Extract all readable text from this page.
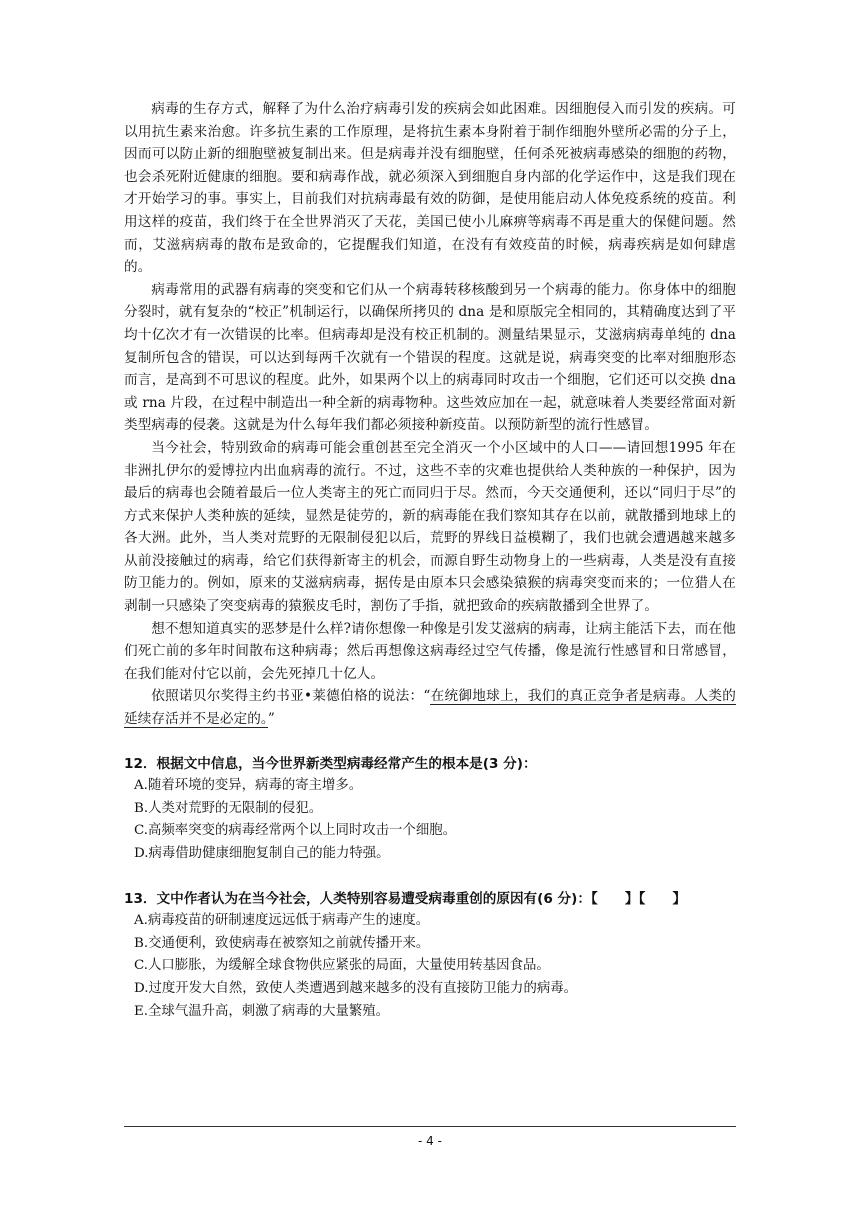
病毒的生存方式，解释了为什么治疗病毒引发的疾病会如此困难。因细胞侵入而引发的疾病。可以用抗生素来治愈。许多抗生素的工作原理，是将抗生素本身附着于制作细胞外壁所必需的分子上，因而可以防止新的细胞壁被复制出来。但是病毒并没有细胞壁，任何杀死被病毒感染的细胞的药物，也会杀死附近健康的细胞。要和病毒作战，就必须深入到细胞自身内部的化学运作中，这是我们现在才开始学习的事。事实上，目前我们对抗病毒最有效的防御，是使用能启动人体免疫系统的疫苗。利用这样的疫苗，我们终于在全世界消灭了天花，美国已使小儿麻痹等病毒不再是重大的保健问题。然而，艾滋病病毒的散布是致命的，它提醒我们知道，在没有有效疫苗的时候，病毒疾病是如何肆虐的。

病毒常用的武器有病毒的突变和它们从一个病毒转移核酸到另一个病毒的能力。你身体中的细胞分裂时，就有复杂的“校正”机制运行，以确保所拷贝的 dna 是和原版完全相同的，其精确度达到了平均十亿次才有一次错误的比率。但病毒却是没有校正机制的。测量结果显示，艾滋病病毒单纯的 dna 复制所包含的错误，可以达到每两千次就有一个错误的程度。这就是说，病毒突变的比率对细胞形态而言，是高到不可思议的程度。此外，如果两个以上的病毒同时攻击一个细胞，它们还可以交换 dna 或 rna 片段，在过程中制造出一种全新的病毒物种。这些效应加在一起，就意味着人类要经常面对新类型病毒的侵袭。这就是为什么每年我们都必须接种新疫苗。以预防新型的流行性感冒。

当今社会，特别致命的病毒可能会重创甚至完全消灭一个小区域中的人口——请回想1995 年在非洲扎伊尔的爱博拉内出血病毒的流行。不过，这些不幸的灾难也提供给人类种族的一种保护，因为最后的病毒也会随着最后一位人类寄主的死亡而同归于尽。然而，今天交通便利，还以“同归于尽”的方式来保护人类种族的延续，显然是徒劳的，新的病毒能在我们察知其存在以前，就散播到地球上的各大洲。此外，当人类对荒野的无限制侵犯以后，荒野的界线日益模糊了，我们也就会遭遇越来越多从前没接触过的病毒，给它们获得新寄主的机会，而源自野生动物身上的一些病毒，人类是没有直接防卫能力的。例如，原来的艾滋病病毒，据传是由原本只会感染猿猴的病毒突变而来的；一位猎人在剥制一只感染了突变病毒的猿猴皮毛时，割伤了手指，就把致命的疾病散播到全世界了。

想不想知道真实的恶梦是什么样?请你想像一种像是引发艾滋病的病毒，让病主能活下去，而在他们死亡前的多年时间散布这种病毒；然后再想像这病毒经过空气传播，像是流行性感冒和日常感冒，在我们能对付它以前，会先死掉几十亿人。

依照诺贝尔奖得主约书亚•莱德伯格的说法：“在统御地球上，我们的真正竞争者是病毒。人类的延续存活并不是必定的。”

12．根据文中信息，当今世界新类型病毒经常产生的根本是(3 分)：

A.随着环境的变异，病毒的寄主增多。

B.人类对荒野的无限制的侵犯。

C.高频率突变的病毒经常两个以上同时攻击一个细胞。

D.病毒借助健康细胞复制自己的能力特强。

13．文中作者认为在当今社会，人类特别容易遭受病毒重创的原因有(6 分)：【　　】【　　】

A.病毒疫苗的研制速度远远低于病毒产生的速度。

B.交通便利，致使病毒在被察知之前就传播开来。

C.人口膨胀，为缓解全球食物供应紧张的局面，大量使用转基因食品。

D.过度开发大自然，致使人类遭遇到越来越多的没有直接防卫能力的病毒。

E.全球气温升高，刺激了病毒的大量繁殖。

- 4 -
